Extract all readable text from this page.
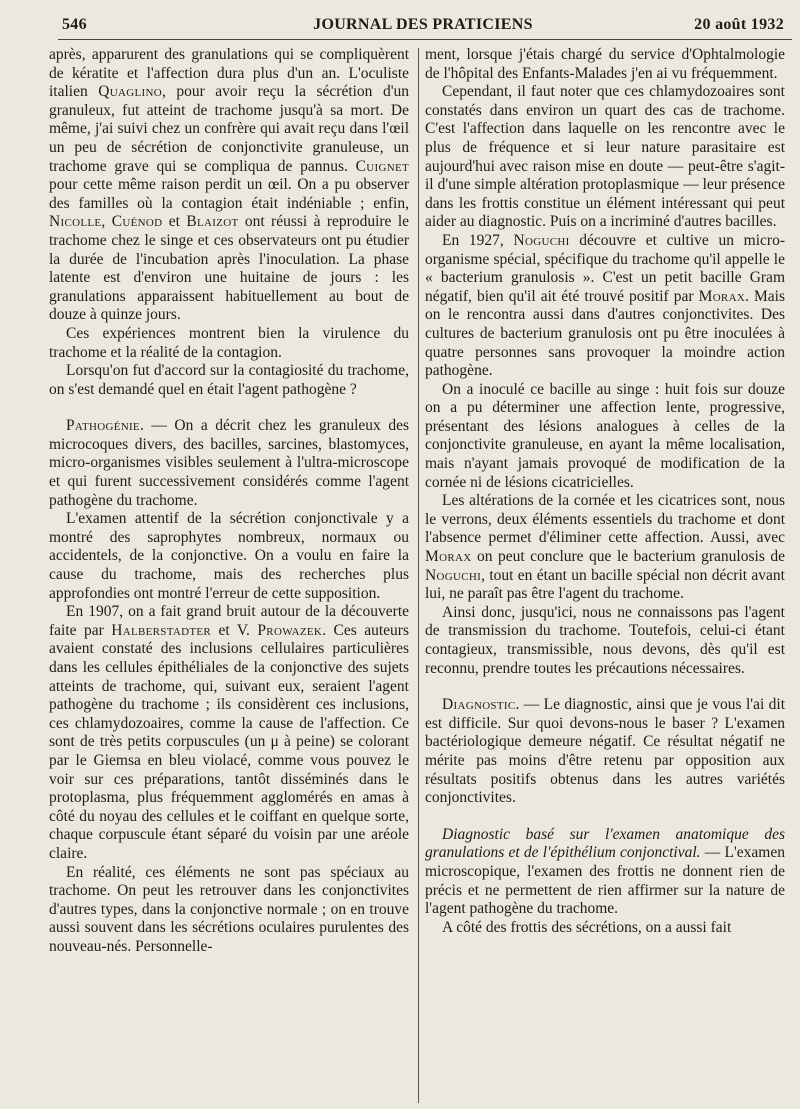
546	JOURNAL DES PRATICIENS	20 août 1932

après, apparurent des granulations qui se compliquèrent de kératite et l'affection dura plus d'un an. L'oculiste italien Quaglino, pour avoir reçu la sécrétion d'un granuleux, fut atteint de trachome jusqu'à sa mort. De même, j'ai suivi chez un confrère qui avait reçu dans l'œil un peu de sécrétion de conjonctivite granuleuse, un trachome grave qui se compliqua de pannus. Cuignet pour cette même raison perdit un œil. On a pu observer des familles où la contagion était indéniable ; enfin, Nicolle, Cuénod et Blaizot ont réussi à reproduire le trachome chez le singe et ces observateurs ont pu étudier la durée de l'incubation après l'inoculation. La phase latente est d'environ une huitaine de jours : les granulations apparaissent habituellement au bout de douze à quinze jours.

Ces expériences montrent bien la virulence du trachome et la réalité de la contagion.

Lorsqu'on fut d'accord sur la contagiosité du trachome, on s'est demandé quel en était l'agent pathogène ?

Pathogénie. — On a décrit chez les granuleux des microcoques divers, des bacilles, sarcines, blastomyces, micro-organismes visibles seulement à l'ultra-microscope et qui furent successivement considérés comme l'agent pathogène du trachome.

L'examen attentif de la sécrétion conjonctivale y a montré des saprophytes nombreux, normaux ou accidentels, de la conjonctive. On a voulu en faire la cause du trachome, mais des recherches plus approfondies ont montré l'erreur de cette supposition.

En 1907, on a fait grand bruit autour de la découverte faite par Halberstadter et V. Prowazek. Ces auteurs avaient constaté des inclusions cellulaires particulières dans les cellules épithéliales de la conjonctive des sujets atteints de trachome, qui, suivant eux, seraient l'agent pathogène du trachome ; ils considèrent ces inclusions, ces chlamydozoaires, comme la cause de l'affection. Ce sont de très petits corpuscules (un μ à peine) se colorant par le Giemsa en bleu violacé, comme vous pouvez le voir sur ces préparations, tantôt disséminés dans le protoplasma, plus fréquemment agglomérés en amas à côté du noyau des cellules et le coiffant en quelque sorte, chaque corpuscule étant séparé du voisin par une aréole claire.

En réalité, ces éléments ne sont pas spéciaux au trachome. On peut les retrouver dans les conjonctivites d'autres types, dans la conjonctive normale ; on en trouve aussi souvent dans les sécrétions oculaires purulentes des nouveau-nés. Personnelle-

ment, lorsque j'étais chargé du service d'Ophtalmologie de l'hôpital des Enfants-Malades j'en ai vu fréquemment.

Cependant, il faut noter que ces chlamydozoaires sont constatés dans environ un quart des cas de trachome. C'est l'affection dans laquelle on les rencontre avec le plus de fréquence et si leur nature parasitaire est aujourd'hui avec raison mise en doute — peut-être s'agit-il d'une simple altération protoplasmique — leur présence dans les frottis constitue un élément intéressant qui peut aider au diagnostic. Puis on a incriminé d'autres bacilles.

En 1927, Noguchi découvre et cultive un micro-organisme spécial, spécifique du trachome qu'il appelle le « bacterium granulosis ». C'est un petit bacille Gram négatif, bien qu'il ait été trouvé positif par Morax. Mais on le rencontra aussi dans d'autres conjonctivites. Des cultures de bacterium granulosis ont pu être inoculées à quatre personnes sans provoquer la moindre action pathogène.

On a inoculé ce bacille au singe : huit fois sur douze on a pu déterminer une affection lente, progressive, présentant des lésions analogues à celles de la conjonctivite granuleuse, en ayant la même localisation, mais n'ayant jamais provoqué de modification de la cornée ni de lésions cicatricielles.

Les altérations de la cornée et les cicatrices sont, nous le verrons, deux éléments essentiels du trachome et dont l'absence permet d'éliminer cette affection. Aussi, avec Morax on peut conclure que le bacterium granulosis de Noguchi, tout en étant un bacille spécial non décrit avant lui, ne paraît pas être l'agent du trachome.

Ainsi donc, jusqu'ici, nous ne connaissons pas l'agent de transmission du trachome. Toutefois, celui-ci étant contagieux, transmissible, nous devons, dès qu'il est reconnu, prendre toutes les précautions nécessaires.

Diagnostic. — Le diagnostic, ainsi que je vous l'ai dit est difficile. Sur quoi devons-nous le baser ? L'examen bactériologique demeure négatif. Ce résultat négatif ne mérite pas moins d'être retenu par opposition aux résultats positifs obtenus dans les autres variétés conjonctivites.

Diagnostic basé sur l'examen anatomique des granulations et de l'épithélium conjonctival. — L'examen microscopique, l'examen des frottis ne donnent rien de précis et ne permettent de rien affirmer sur la nature de l'agent pathogène du trachome.

A côté des frottis des sécrétions, on a aussi fait
